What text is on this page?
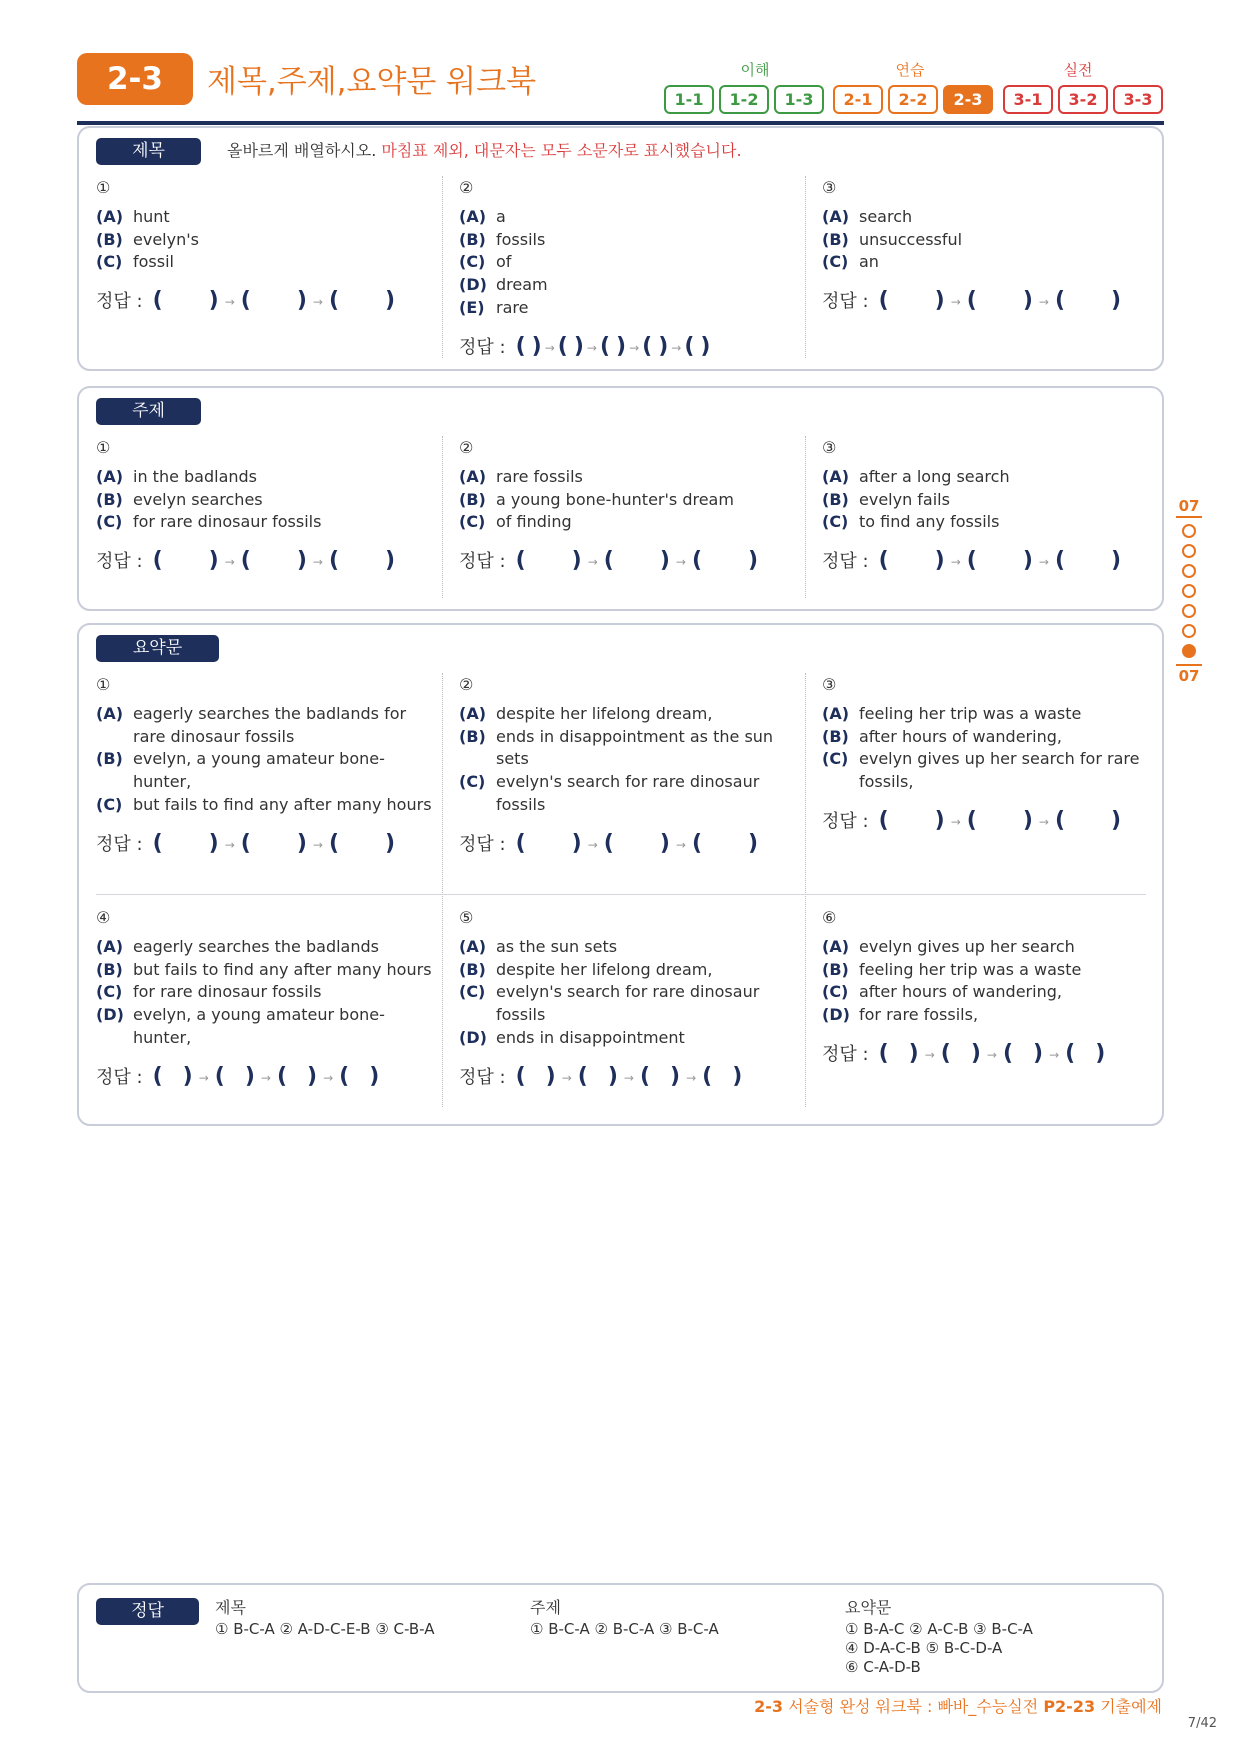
2-3	제목,주제,요약문 워크북	이해	연습	실전
1-1	1-2	1-3	2-1	2-2	2-3	3-1	3-2	3-3
제목	올바르게 배열하시오. 마침표 제외, 대문자는 모두 소문자로 표시했습니다.
①
(A) hunt
(B) evelyn's
(C) fossil
정답 : ( ) → ( ) → ( )
②
(A) a
(B) fossils
(C) of
(D) dream
(E) rare
정답 : ( ) → ( ) → ( ) → ( ) → ( )
③
(A) search
(B) unsuccessful
(C) an
정답 : ( ) → ( ) → ( )
주제
①
(A) in the badlands
(B) evelyn searches
(C) for rare dinosaur fossils
정답 : ( ) → ( ) → ( )
②
(A) rare fossils
(B) a young bone-hunter's dream
(C) of finding
정답 : ( ) → ( ) → ( )
③
(A) after a long search
(B) evelyn fails
(C) to find any fossils
정답 : ( ) → ( ) → ( )
요약문
①
(A) eagerly searches the badlands for rare dinosaur fossils
(B) evelyn, a young amateur bone-hunter,
(C) but fails to find any after many hours
정답 : ( ) → ( ) → ( )
②
(A) despite her lifelong dream,
(B) ends in disappointment as the sun sets
(C) evelyn's search for rare dinosaur fossils
정답 : ( ) → ( ) → ( )
③
(A) feeling her trip was a waste
(B) after hours of wandering,
(C) evelyn gives up her search for rare fossils,
정답 : ( ) → ( ) → ( )
④
(A) eagerly searches the badlands
(B) but fails to find any after many hours
(C) for rare dinosaur fossils
(D) evelyn, a young amateur bone-hunter,
정답 : ( ) → ( ) → ( ) → ( )
⑤
(A) as the sun sets
(B) despite her lifelong dream,
(C) evelyn's search for rare dinosaur fossils
(D) ends in disappointment
정답 : ( ) → ( ) → ( ) → ( )
⑥
(A) evelyn gives up her search
(B) feeling her trip was a waste
(C) after hours of wandering,
(D) for rare fossils,
정답 : ( ) → ( ) → ( ) → ( )
07
07
정답	제목
① B-C-A ② A-D-C-E-B ③ C-B-A
주제
① B-C-A ② B-C-A ③ B-C-A
요약문
① B-A-C ② A-C-B ③ B-C-A
④ D-A-C-B ⑤ B-C-D-A
⑥ C-A-D-B
2-3 서술형 완성 워크북 : 빠바_수능실전 P2-23 기출예제
7/42
